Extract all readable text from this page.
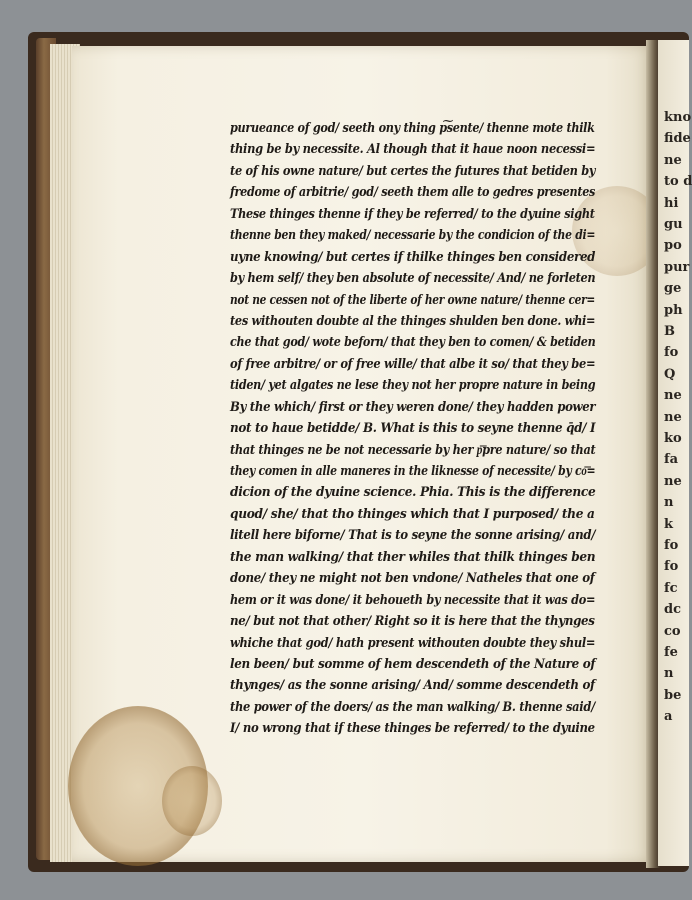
kno
fide
ne
to d
hi
gu
po
pur
ge
ph
B
fo
Q
ne
ne
ko
fa
ne
n
k
fo
fo
fc
dc
co
fe
n
be
a
purueance of god/ seeth ony thing p͠sente/ thenne mote thilk
thing be by necessite. Al though that it haue noon necessi=
te of his owne nature/ but certes the futures that betiden by
fredome of arbitrie/ god/ seeth them alle to gedres presentes
These thinges thenne if they be referred/ to the dyuine sight
thenne ben they maked/ necessarie by the condicion of the di=
uyne knowing/ but certes if thilke thinges ben considered
by hem self/ they ben absolute of necessite/ And/ ne forleten
not ne cessen not of the liberte of her owne nature/ thenne cer=
tes withouten doubte al the thinges shulden ben done. whi=
che that god/ wote beforn/ that they ben to comen/ & betiden
of free arbitre/ or of free wille/ that albe it so/ that they be=
tiden/ yet algates ne lese they not her propre nature in being
By the which/ first or they weren done/ they hadden power
not to haue betidde/ B. What is this to seyne thenne q̄d/ I
that thinges ne be not necessarie by her p͞pre nature/ so that
they comen in alle maneres in the liknesse of necessite/ by co͞=
dicion of the dyuine science. Phia. This is the difference
quod/ she/ that tho thinges which that I purposed/ the a
litell here biforne/ That is to seyne the sonne arising/ and/
the man walking/ that ther whiles that thilk thinges ben
done/ they ne might not ben vndone/ Natheles that one of
hem or it was done/ it behoueth by necessite that it was do=
ne/ but not that other/ Right so it is here that the thynges
whiche that god/ hath present withouten doubte they shul=
len been/ but somme of hem descendeth of the Nature of
thynges/ as the sonne arising/ And/ somme descendeth of
the power of the doers/ as the man walking/ B. thenne said/
I/ no wrong that if these thinges be referred/ to the dyuine
